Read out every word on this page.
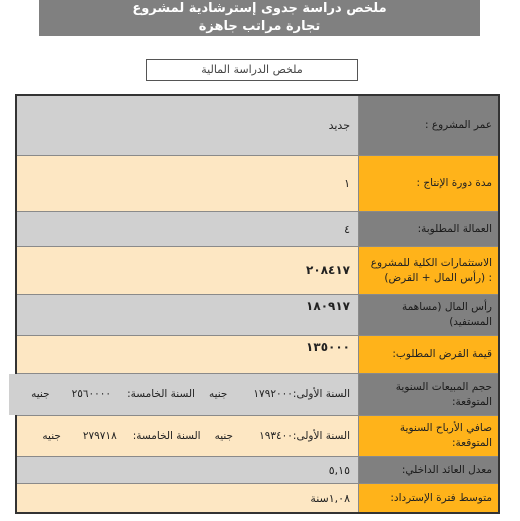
ملخص دراسة جدوى إسترشادية لمشروع
تجارة مراتب جاهزة
ملخص الدراسة المالية
عمر المشروع :
جديد
مدة دورة الإنتاج :
١
العمالة المطلوبة:
٤
الاستثمارات الكلية للمشروع : (رأس المال + القرض)
٢٠٨٤١٧
رأس المال (مساهمة المستفيد)
١٨٠٩١٧
قيمة القرض المطلوب:
١٣٥٠٠٠
حجم المبيعات السنوية المتوقعة:
السنة الأولى:
١٧٩٢٠٠٠
جنيه
السنة الخامسة:
٢٥٦٠٠٠٠
جنيه
صافي الأرباح السنوية المتوقعة:
السنة الأولى:
١٩٣٤٠٠
جنيه
السنة الخامسة:
٢٧٩٧١٨
جنيه
معدل العائد الداخلي:
٥,١٥
متوسط فترة الإسترداد:
١,٠٨سنة
